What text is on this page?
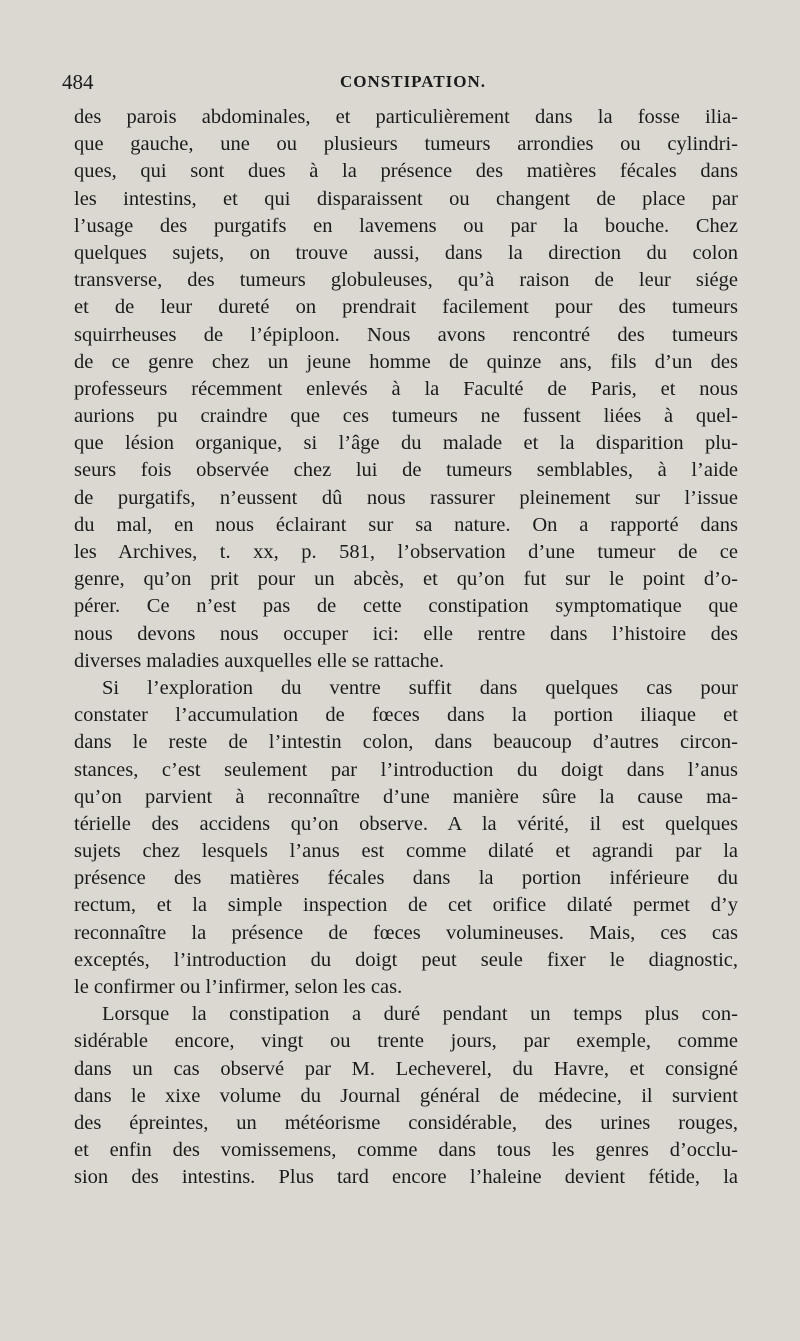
484	CONSTIPATION.
des parois abdominales, et particulièrement dans la fosse ilia-
que gauche, une ou plusieurs tumeurs arrondies ou cylindri-
ques, qui sont dues à la présence des matières fécales dans
les intestins, et qui disparaissent ou changent de place par
l’usage des purgatifs en lavemens ou par la bouche. Chez
quelques sujets, on trouve aussi, dans la direction du colon
transverse, des tumeurs globuleuses, qu’à raison de leur siége
et de leur dureté on prendrait facilement pour des tumeurs
squirrheuses de l’épiploon. Nous avons rencontré des tumeurs
de ce genre chez un jeune homme de quinze ans, fils d’un des
professeurs récemment enlevés à la Faculté de Paris, et nous
aurions pu craindre que ces tumeurs ne fussent liées à quel-
que lésion organique, si l’âge du malade et la disparition plu-
seurs fois observée chez lui de tumeurs semblables, à l’aide
de purgatifs, n’eussent dû nous rassurer pleinement sur l’issue
du mal, en nous éclairant sur sa nature. On a rapporté dans
les Archives, t. xx, p. 581, l’observation d’une tumeur de ce
genre, qu’on prit pour un abcès, et qu’on fut sur le point d’o-
pérer. Ce n’est pas de cette constipation symptomatique que
nous devons nous occuper ici: elle rentre dans l’histoire des
diverses maladies auxquelles elle se rattache.
Si l’exploration du ventre suffit dans quelques cas pour
constater l’accumulation de fœces dans la portion iliaque et
dans le reste de l’intestin colon, dans beaucoup d’autres circon-
stances, c’est seulement par l’introduction du doigt dans l’anus
qu’on parvient à reconnaître d’une manière sûre la cause ma-
térielle des accidens qu’on observe. A la vérité, il est quelques
sujets chez lesquels l’anus est comme dilaté et agrandi par la
présence des matières fécales dans la portion inférieure du
rectum, et la simple inspection de cet orifice dilaté permet d’y
reconnaître la présence de fœces volumineuses. Mais, ces cas
exceptés, l’introduction du doigt peut seule fixer le diagnostic,
le confirmer ou l’infirmer, selon les cas.
Lorsque la constipation a duré pendant un temps plus con-
sidérable encore, vingt ou trente jours, par exemple, comme
dans un cas observé par M. Lecheverel, du Havre, et consigné
dans le xixe volume du Journal général de médecine, il survient
des épreintes, un météorisme considérable, des urines rouges,
et enfin des vomissemens, comme dans tous les genres d’occlu-
sion des intestins. Plus tard encore l’haleine devient fétide, la
